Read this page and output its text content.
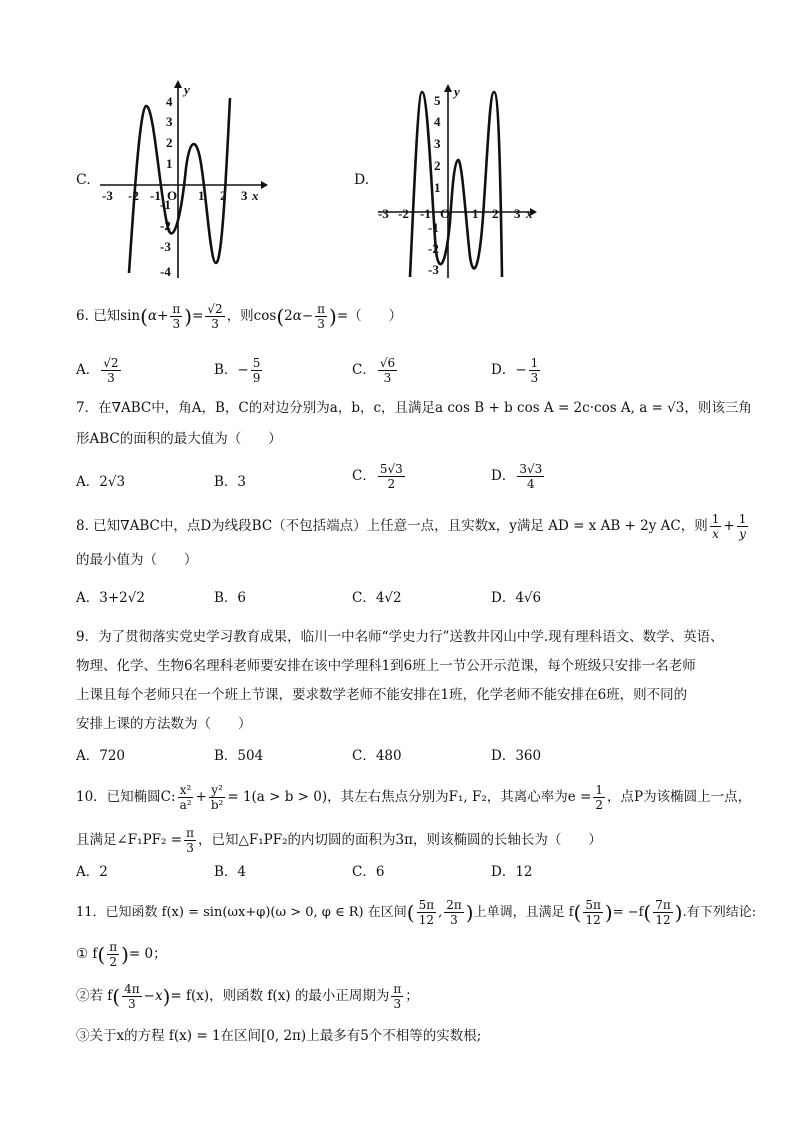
C.
4
3
2
1
-1
-2
-3
-4
-3 -2 -1 O 1 2 3 x
y
D.
5
4
3
2
1
-1
-2
-3
-3 -2 -1 O 1 2 3 x
y
6. 已知$\sin(\alpha+ \frac{\pi}{3}$ )= $\frac{√2}{3}$ ，则$\cos(2\alpha- \frac{\pi}{3}$ )=（　　）
A． $\frac{√2}{3}$	B．− $\frac{5}{9}$	C． $\frac{√6}{3}$	D．− $\frac{1}{3}$
7．在∇ABC中，角A，B，C的对边分别为a，b，c，且满足a cos B + b cos A = 2c·cos A, a = √3，则该三角
形ABC的面积的最大值为（　　）
A．2√3	B．3	C． $\frac{5√3}{2}$	D． $\frac{3√3}{4}$
8. 已知∇ABC中，点D为线段BC（不包括端点）上任意一点，且实数x，y满足 AD = x AB + 2y AC，则 $\frac{1}{x} + \frac{1}{y}$
的最小值为（　　）
A．3+2√2	B．6	C．4√2	D．4√6
9．为了贯彻落实党史学习教育成果，临川一中名师“学史力行”送教井冈山中学.现有理科语文、数学、英语、
物理、化学、生物6名理科老师要安排在该中学理科1到6班上一节公开示范课，每个班级只安排一名老师
上课且每个老师只在一个班上节课，要求数学老师不能安排在1班，化学老师不能安排在6班，则不同的
安排上课的方法数为（　　）
A．720	B．504	C．480	D．360
10．已知椭圆C: $\frac{\text{x²}}{\text{a²}} + \frac{\text{y²}}{\text{b²}} = 1(a > b > 0)$，其左右焦点分别为F₁, F₂，其离心率为$e = \frac{1}{2}$ ，点P为该椭圆上一点，
且满足∠F₁PF₂ = $\frac{\pi}{3}$ ，已知△F₁PF₂的内切圆的面积为3π，则该椭圆的长轴长为（　　）
A．2	B．4	C．6	D．12
11．已知函数 f(x) = sin(ωx+φ)(ω > 0, φ ∈ R) 在区间( $\frac{5\pi}{12}$ , $\frac{2\pi}{3}$ )上单调，且满足 $f( \frac{5\pi}{12}$ )= $-f( \frac{7\pi}{12}$ ).有下列结论:
① $f( \frac{\pi}{2}$ )= 0；
②若 $f( \frac{4\pi}{3} -x)= f(x)$，则函数 f(x) 的最小正周期为 $\frac{\pi}{3}$ ；
③关于x的方程 f(x) = 1在区间[0, 2π)上最多有5个不相等的实数根;
